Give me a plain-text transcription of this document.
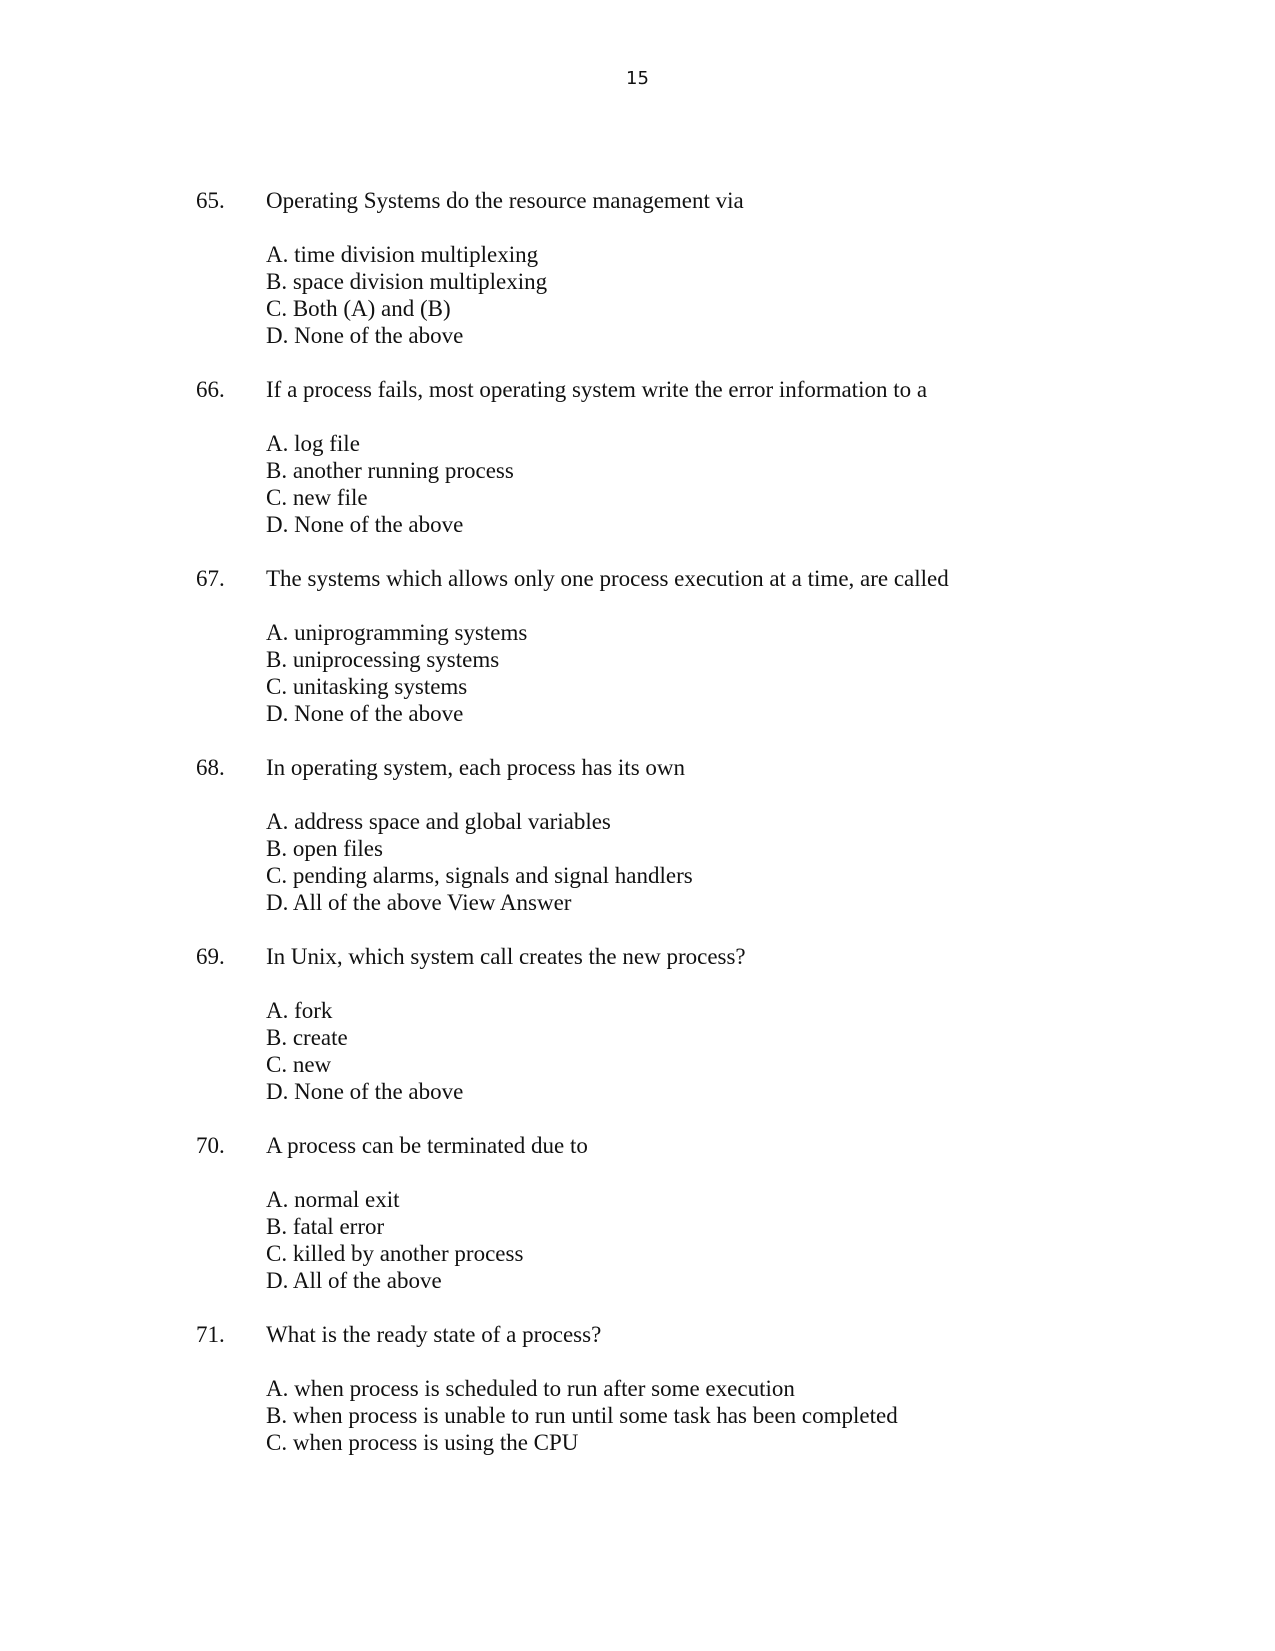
15
65. Operating Systems do the resource management via
A. time division multiplexing
B. space division multiplexing
C. Both (A) and (B)
D. None of the above
66. If a process fails, most operating system write the error information to a
A. log file
B. another running process
C. new file
D. None of the above
67. The systems which allows only one process execution at a time, are called
A. uniprogramming systems
B. uniprocessing systems
C. unitasking systems
D. None of the above
68. In operating system, each process has its own
A. address space and global variables
B. open files
C. pending alarms, signals and signal handlers
D. All of the above View Answer
69. In Unix, which system call creates the new process?
A. fork
B. create
C. new
D. None of the above
70. A process can be terminated due to
A. normal exit
B. fatal error
C. killed by another process
D. All of the above
71. What is the ready state of a process?
A. when process is scheduled to run after some execution
B. when process is unable to run until some task has been completed
C. when process is using the CPU
